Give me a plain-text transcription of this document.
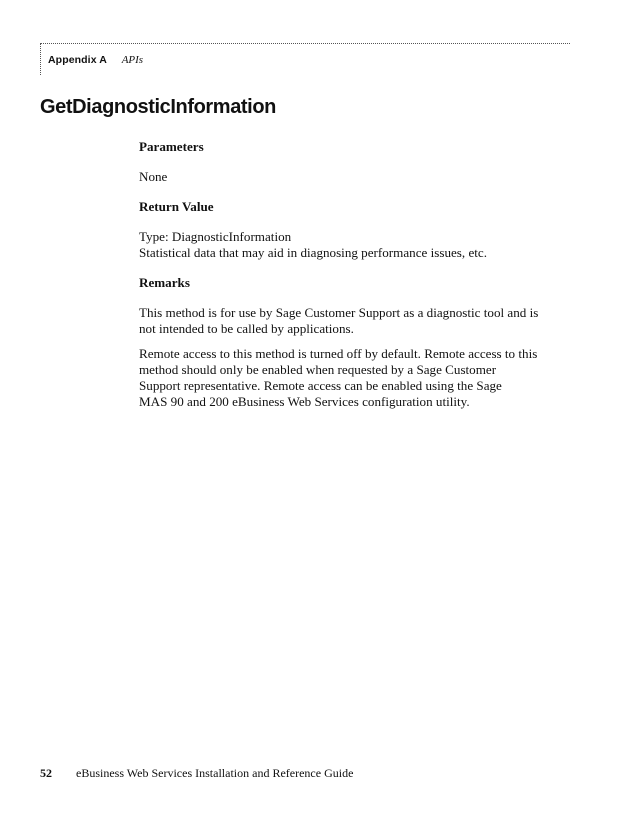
Appendix A APIs
GetDiagnosticInformation

Parameters

None

Return Value

Type: DiagnosticInformation

Statistical data that may aid in diagnosing performance issues, etc.

Remarks

This method is for use by Sage Customer Support as a diagnostic tool and is

not intended to be called by applications.

Remote access to this method is turned off by default. Remote access to this

method should only be enabled when requested by a Sage Customer

Support representative. Remote access can be enabled using the Sage

MAS 90 and 200 eBusiness Web Services configuration utility.

52 eBusiness Web Services Installation and Reference Guide
